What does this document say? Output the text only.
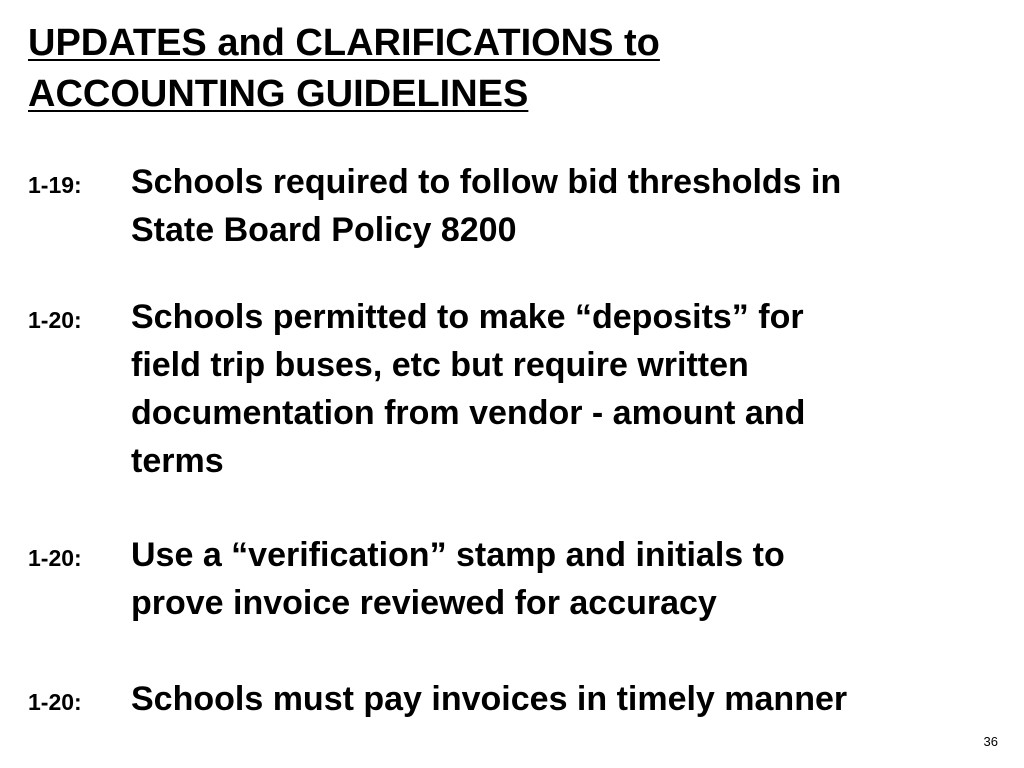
UPDATES and CLARIFICATIONS to
ACCOUNTING GUIDELINES
1-19: Schools required to follow bid thresholds in
State Board Policy 8200
1-20: Schools permitted to make “deposits” for
field trip buses, etc but require written
documentation from vendor - amount and
terms
1-20: Use a “verification” stamp and initials to
prove invoice reviewed for accuracy
1-20: Schools must pay invoices in timely manner
36
